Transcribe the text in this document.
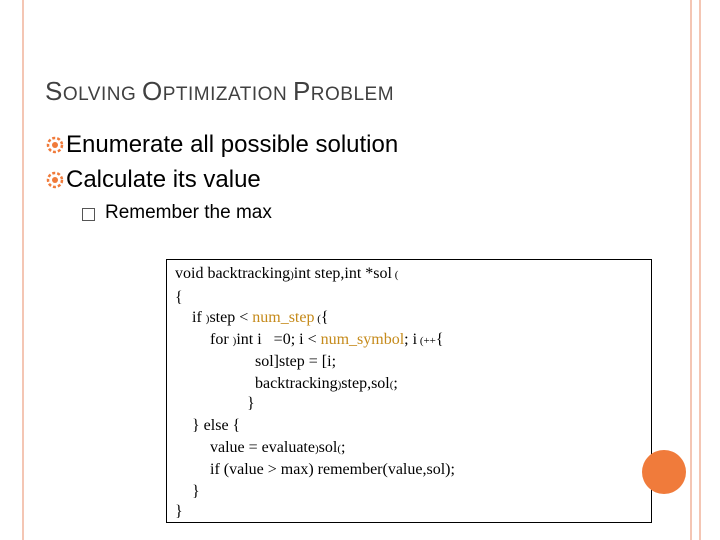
SOLVING OPTIMIZATION PROBLEM
Enumerate all possible solution
Calculate its value
Remember the max
void backtracking)int step,int *sol (
{
if )step < num_step ({
for )int i   =0; i < num_symbol; i (++{
sol]step = [i;
backtracking)step,sol(;
}
} else {
value = evaluate)sol(;
if (value > max) remember(value,sol);
}
}
